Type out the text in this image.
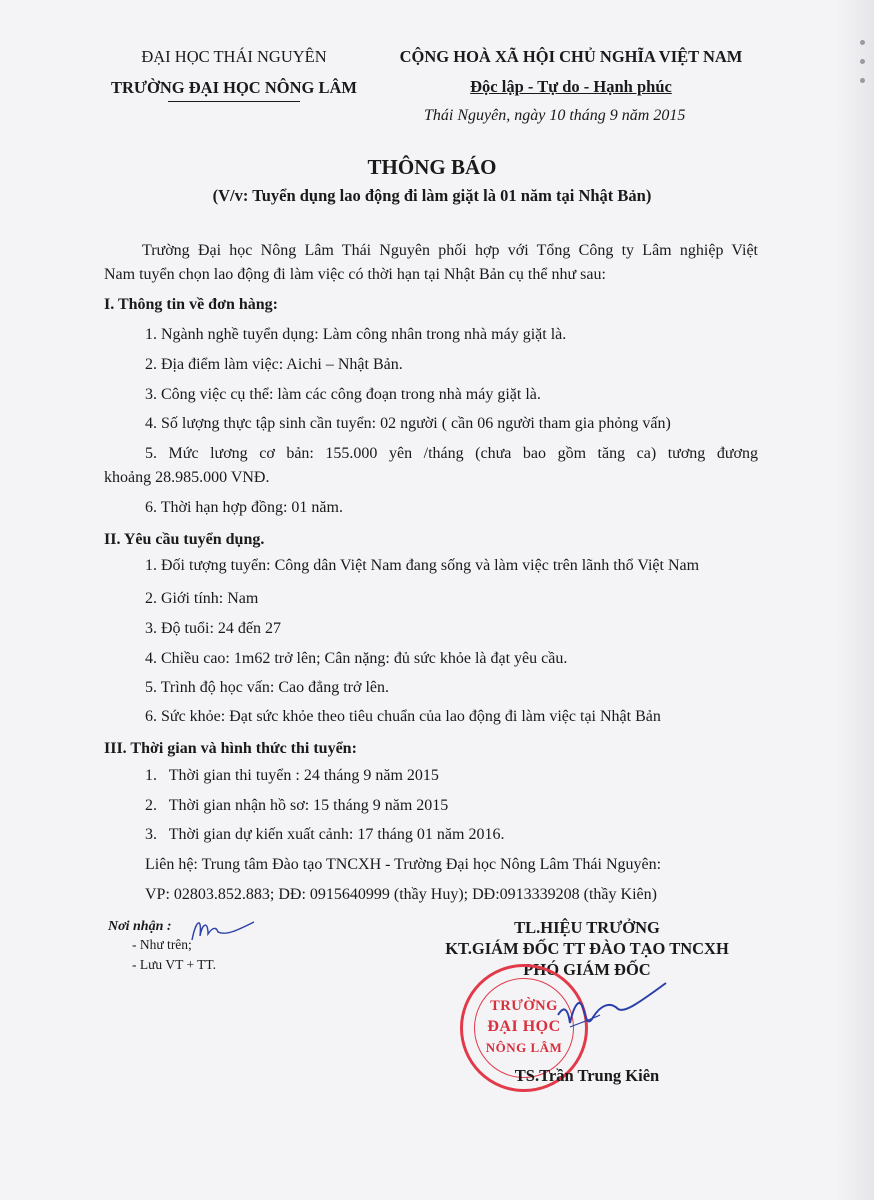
ĐẠI HỌC THÁI NGUYÊN
TRƯỜNG ĐẠI HỌC NÔNG LÂM
CỘNG HOÀ XÃ HỘI CHỦ NGHĨA VIỆT NAM
Độc lập - Tự do - Hạnh phúc
Thái Nguyên, ngày 10 tháng 9 năm 2015
THÔNG BÁO
(V/v: Tuyển dụng lao động đi làm giặt là 01 năm tại Nhật Bản)
Trường Đại học Nông Lâm Thái Nguyên phối hợp với Tổng Công ty Lâm nghiệp Việt
Nam tuyển chọn lao động đi làm việc có thời hạn tại Nhật Bản cụ thể như sau:
I. Thông tin về đơn hàng:
1. Ngành nghề tuyển dụng: Làm công nhân trong nhà máy giặt là.
2. Địa điểm làm việc: Aichi – Nhật Bản.
3. Công việc cụ thể: làm các công đoạn trong nhà máy giặt là.
4. Số lượng thực tập sinh cần tuyển: 02 người ( cần 06 người tham gia phỏng vấn)
5. Mức lương cơ bản: 155.000 yên /tháng (chưa bao gồm tăng ca) tương đương
khoảng 28.985.000 VNĐ.
6. Thời hạn hợp đồng: 01 năm.
II. Yêu cầu tuyển dụng.
1. Đối tượng tuyển: Công dân Việt Nam đang sống và làm việc trên lãnh thổ Việt Nam
2. Giới tính: Nam
3. Độ tuổi: 24 đến 27
4. Chiều cao: 1m62 trở lên; Cân nặng: đủ sức khỏe là đạt yêu cầu.
5. Trình độ học vấn: Cao đẳng trở lên.
6. Sức khỏe: Đạt sức khỏe theo tiêu chuẩn của lao động đi làm việc tại Nhật Bản
III. Thời gian và hình thức thi tuyển:
1.   Thời gian thi tuyển : 24 tháng 9 năm 2015
2.   Thời gian nhận hồ sơ: 15 tháng 9 năm 2015
3.   Thời gian dự kiến xuất cảnh: 17 tháng 01 năm 2016.
Liên hệ: Trung tâm Đào tạo TNCXH - Trường Đại học Nông Lâm Thái Nguyên:
VP: 02803.852.883; DĐ: 0915640999 (thầy Huy); DĐ:0913339208 (thầy Kiên)
Nơi nhận :
- Như trên;
- Lưu VT + TT.
TL.HIỆU TRƯỞNG
KT.GIÁM ĐỐC TT ĐÀO TẠO TNCXH
PHÓ GIÁM ĐỐC
TRƯỜNG
ĐẠI HỌC
NÔNG LÂM
TS.Trần Trung Kiên
